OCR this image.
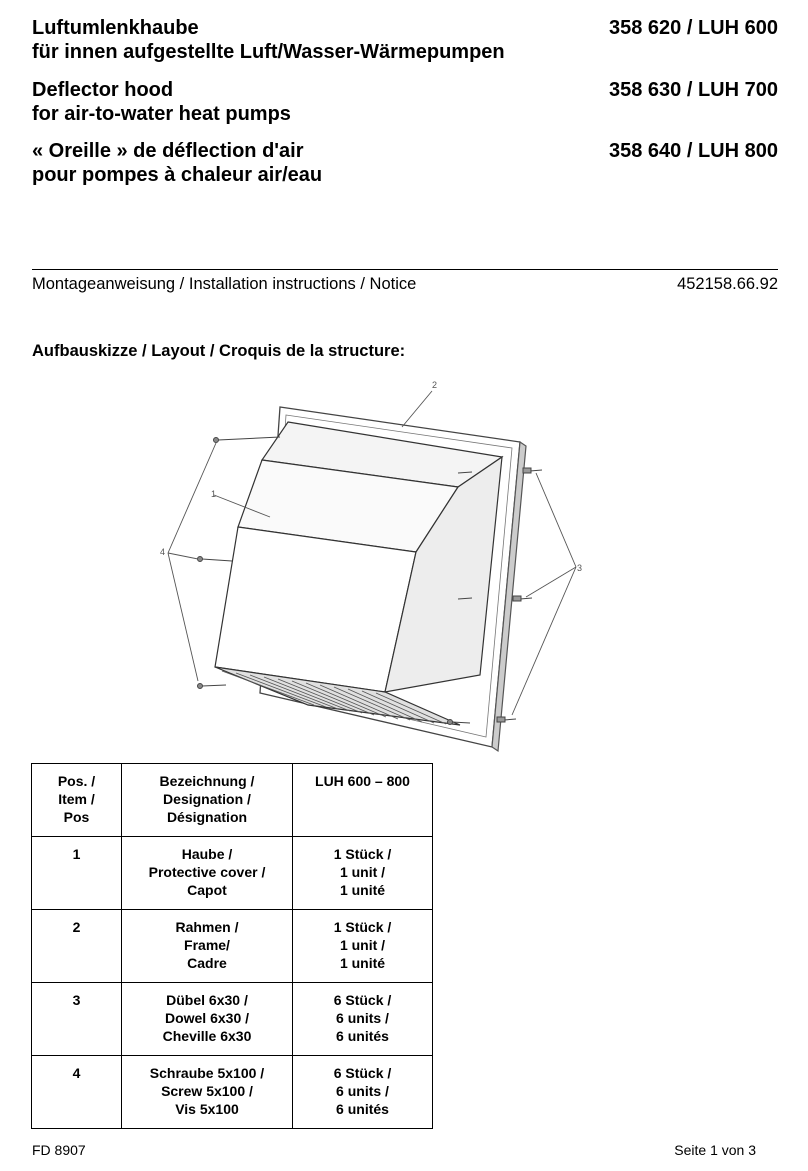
Luftumlenkhaube
für innen aufgestellte Luft/Wasser-Wärmepumpen
Deflector hood
for air-to-water heat pumps
« Oreille » de déflection d'air
pour pompes à chaleur air/eau
358 620 / LUH 600
358 630 / LUH 700
358 640 / LUH 800
Montageanweisung / Installation instructions / Notice	452158.66.92
Aufbauskizze / Layout / Croquis de la structure:
1
2
3
4
Pos. /
Item /
Pos	Bezeichnung /
Designation /
Désignation	LUH 600 – 800

1	Haube /
Protective cover /
Capot	1 Stück /
1 unit /
1 unité

2	Rahmen /
Frame/
Cadre	1 Stück /
1 unit /
1 unité

3	Dübel 6x30 /
Dowel 6x30 /
Cheville 6x30	6 Stück /
6 units /
6 unités

4	Schraube 5x100 /
Screw 5x100 /
Vis 5x100	6 Stück /
6 units /
6 unités
FD 8907	Seite 1 von 3
